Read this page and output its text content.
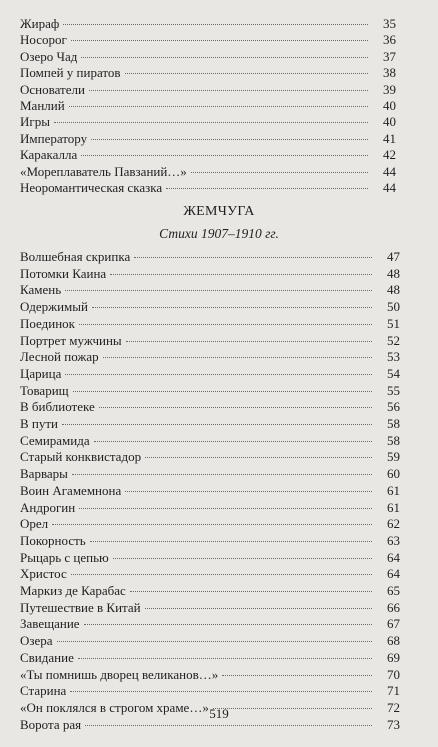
Жираф	35
Носорог	36
Озеро Чад	37
Помпей у пиратов	38
Основатели	39
Манлий	40
Игры	40
Императору	41
Каракалла	42
«Мореплаватель Павзаний…»	44
Неоромантическая сказка	44
ЖЕМЧУГА
Стихи 1907–1910 гг.
Волшебная скрипка	47
Потомки Каина	48
Камень	48
Одержимый	50
Поединок	51
Портрет мужчины	52
Лесной пожар	53
Царица	54
Товарищ	55
В библиотеке	56
В пути	58
Семирамида	58
Старый конквистадор	59
Варвары	60
Воин Агамемнона	61
Андрогин	61
Орел	62
Покорность	63
Рыцарь с цепью	64
Христос	64
Маркиз де Карабас	65
Путешествие в Китай	66
Завещание	67
Озера	68
Свидание	69
«Ты помнишь дворец великанов…»	70
Старина	71
«Он поклялся в строгом храме…»	72
Ворота рая	73
519
